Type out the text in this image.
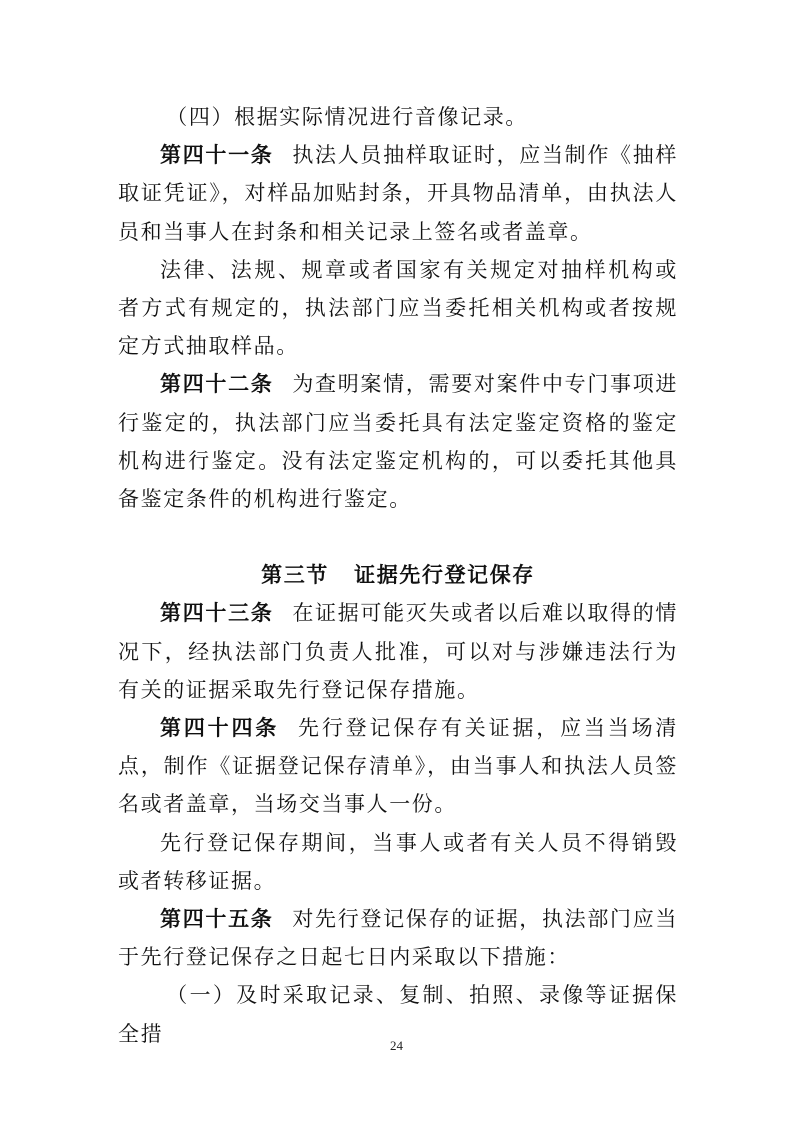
（四）根据实际情况进行音像记录。

第四十一条 执法人员抽样取证时，应当制作《抽样取证凭证》，对样品加贴封条，开具物品清单，由执法人员和当事人在封条和相关记录上签名或者盖章。

法律、法规、规章或者国家有关规定对抽样机构或者方式有规定的，执法部门应当委托相关机构或者按规定方式抽取样品。

第四十二条 为查明案情，需要对案件中专门事项进行鉴定的，执法部门应当委托具有法定鉴定资格的鉴定机构进行鉴定。没有法定鉴定机构的，可以委托其他具备鉴定条件的机构进行鉴定。

第三节 证据先行登记保存

第四十三条 在证据可能灭失或者以后难以取得的情况下，经执法部门负责人批准，可以对与涉嫌违法行为有关的证据采取先行登记保存措施。

第四十四条 先行登记保存有关证据，应当当场清点，制作《证据登记保存清单》，由当事人和执法人员签名或者盖章，当场交当事人一份。

先行登记保存期间，当事人或者有关人员不得销毁或者转移证据。

第四十五条 对先行登记保存的证据，执法部门应当于先行登记保存之日起七日内采取以下措施：

（一）及时采取记录、复制、拍照、录像等证据保全措	24
